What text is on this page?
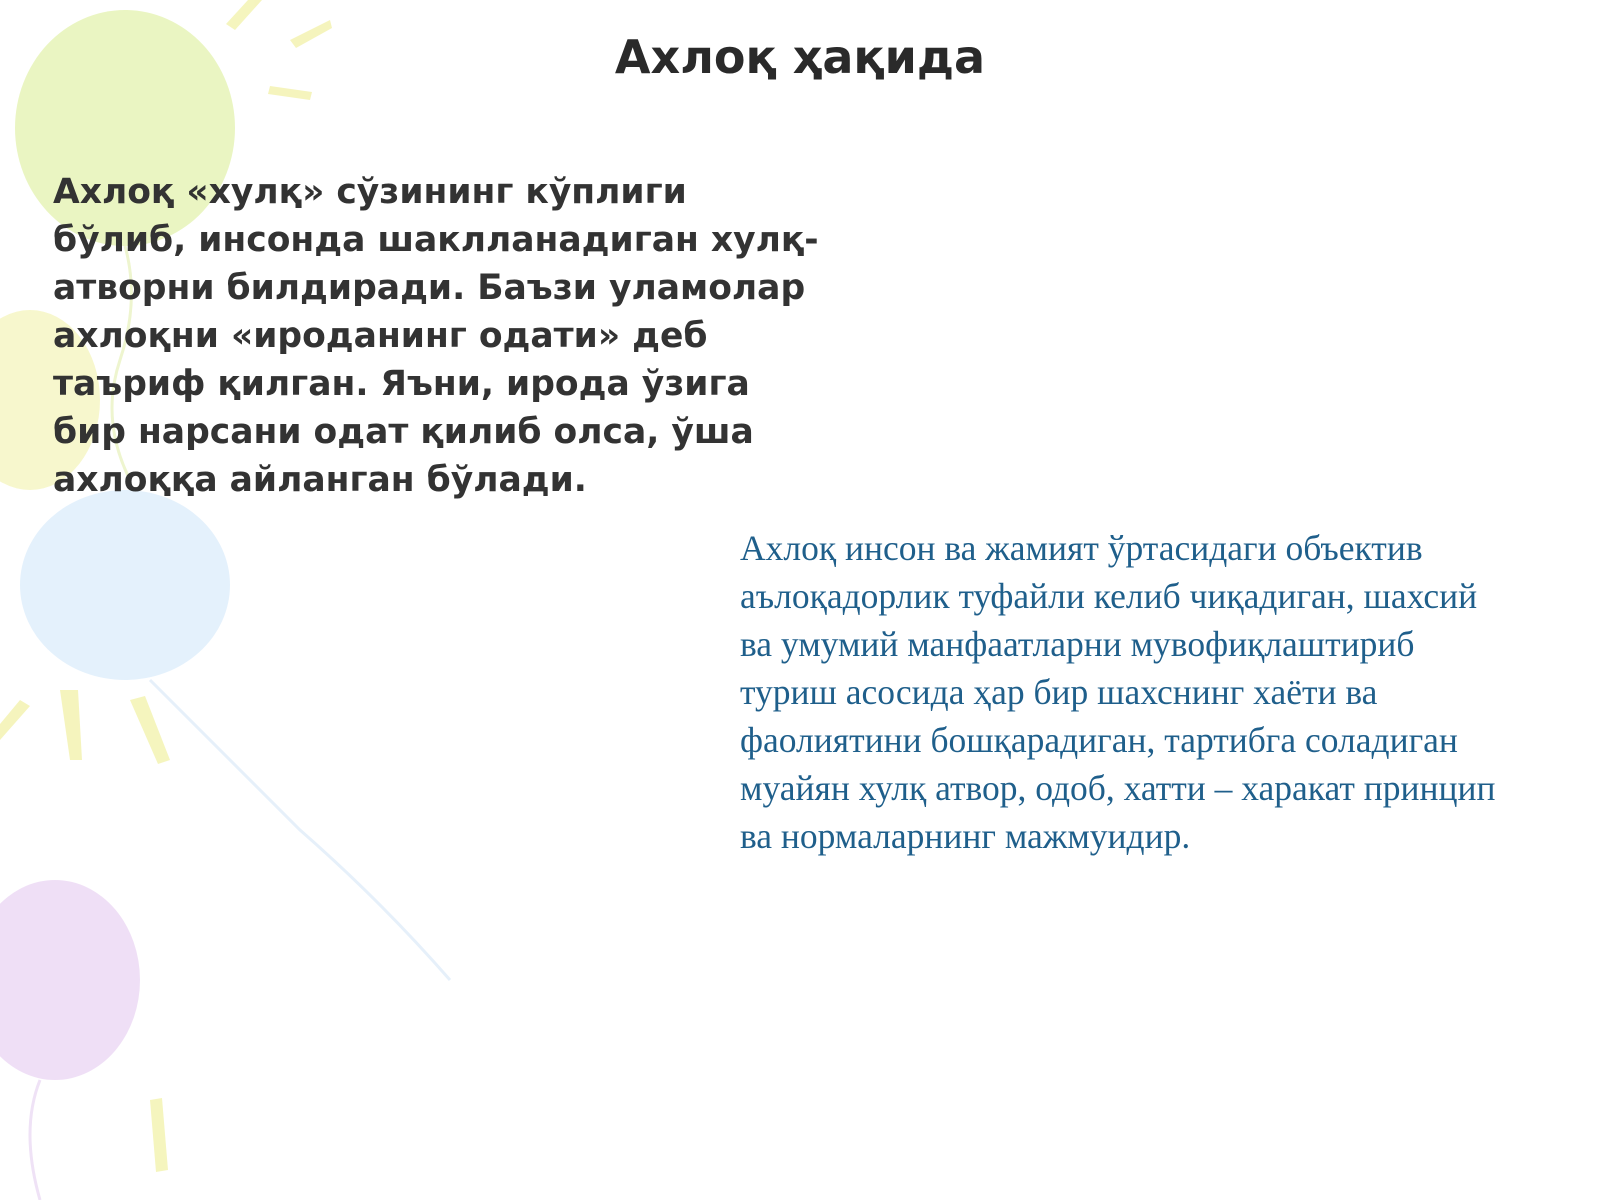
Ахлоқ ҳақида

Ахлоқ «хулқ» сўзининг кўплиги бўлиб, инсонда шаклланадиган хулқ-атворни билдиради. Баъзи уламолар ахлоқни «ироданинг одати» деб таъриф қилган. Яъни, ирода ўзига бир нарсани одат қилиб олса, ўша ахлоққа айланган бўлади.

Ахлоқ инсон ва жамият ўртасидаги объектив аълоқадорлик туфайли келиб чиқадиган, шахсий ва умумий манфаатларни мувофиқлаштириб туриш асосида ҳар бир шахснинг хаёти ва фаолиятини бошқарадиган, тартибга соладиган муайян хулқ атвор, одоб, хатти – харакат принцип ва нормаларнинг мажмуидир.
